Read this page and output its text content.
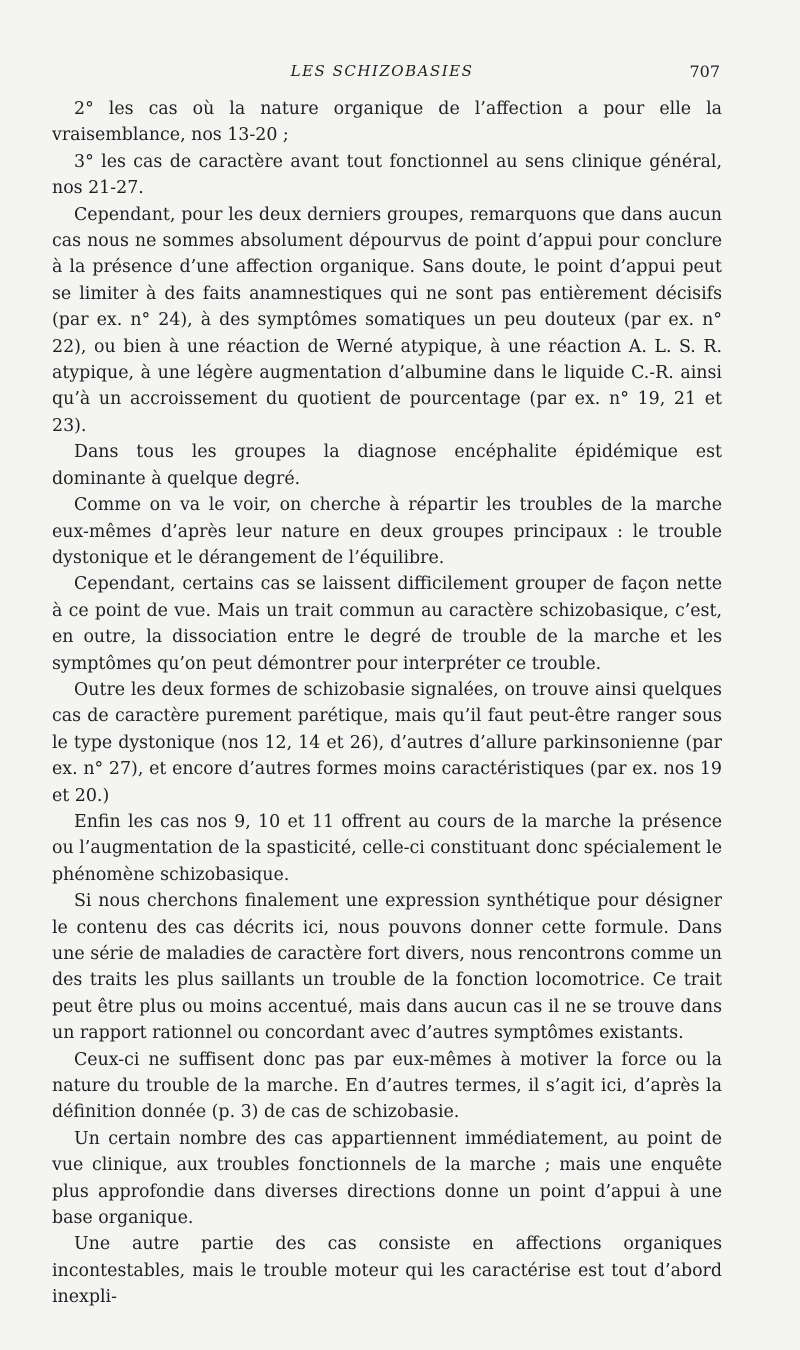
LES SCHIZOBASIES	707

2° les cas où la nature organique de l’affection a pour elle la vraisemblance, nos 13-20 ;

3° les cas de caractère avant tout fonctionnel au sens clinique général, nos 21-27.

Cependant, pour les deux derniers groupes, remarquons que dans aucun cas nous ne sommes absolument dépourvus de point d’appui pour conclure à la présence d’une affection organique. Sans doute, le point d’appui peut se limiter à des faits anamnestiques qui ne sont pas entièrement décisifs (par ex. n° 24), à des symptômes somatiques un peu douteux (par ex. n° 22), ou bien à une réaction de Werné atypique, à une réaction A. L. S. R. atypique, à une légère augmentation d’albumine dans le liquide C.-R. ainsi qu’à un accroissement du quotient de pourcentage (par ex. n° 19, 21 et 23).

Dans tous les groupes la diagnose encéphalite épidémique est dominante à quelque degré.

Comme on va le voir, on cherche à répartir les troubles de la marche eux-mêmes d’après leur nature en deux groupes principaux : le trouble dystonique et le dérangement de l’équilibre.

Cependant, certains cas se laissent difficilement grouper de façon nette à ce point de vue. Mais un trait commun au caractère schizobasique, c’est, en outre, la dissociation entre le degré de trouble de la marche et les symptômes qu’on peut démontrer pour interpréter ce trouble.

Outre les deux formes de schizobasie signalées, on trouve ainsi quelques cas de caractère purement parétique, mais qu’il faut peut-être ranger sous le type dystonique (nos 12, 14 et 26), d’autres d’allure parkinsonienne (par ex. n° 27), et encore d’autres formes moins caractéristiques (par ex. nos 19 et 20.)

Enfin les cas nos 9, 10 et 11 offrent au cours de la marche la présence ou l’augmentation de la spasticité, celle-ci constituant donc spécialement le phénomène schizobasique.

Si nous cherchons finalement une expression synthétique pour désigner le contenu des cas décrits ici, nous pouvons donner cette formule. Dans une série de maladies de caractère fort divers, nous rencontrons comme un des traits les plus saillants un trouble de la fonction locomotrice. Ce trait peut être plus ou moins accentué, mais dans aucun cas il ne se trouve dans un rapport rationnel ou concordant avec d’autres symptômes existants.

Ceux-ci ne suffisent donc pas par eux-mêmes à motiver la force ou la nature du trouble de la marche. En d’autres termes, il s’agit ici, d’après la définition donnée (p. 3) de cas de schizobasie.

Un certain nombre des cas appartiennent immédiatement, au point de vue clinique, aux troubles fonctionnels de la marche ; mais une enquête plus approfondie dans diverses directions donne un point d’appui à une base organique.

Une autre partie des cas consiste en affections organiques incontestables, mais le trouble moteur qui les caractérise est tout d’abord inexpli-
